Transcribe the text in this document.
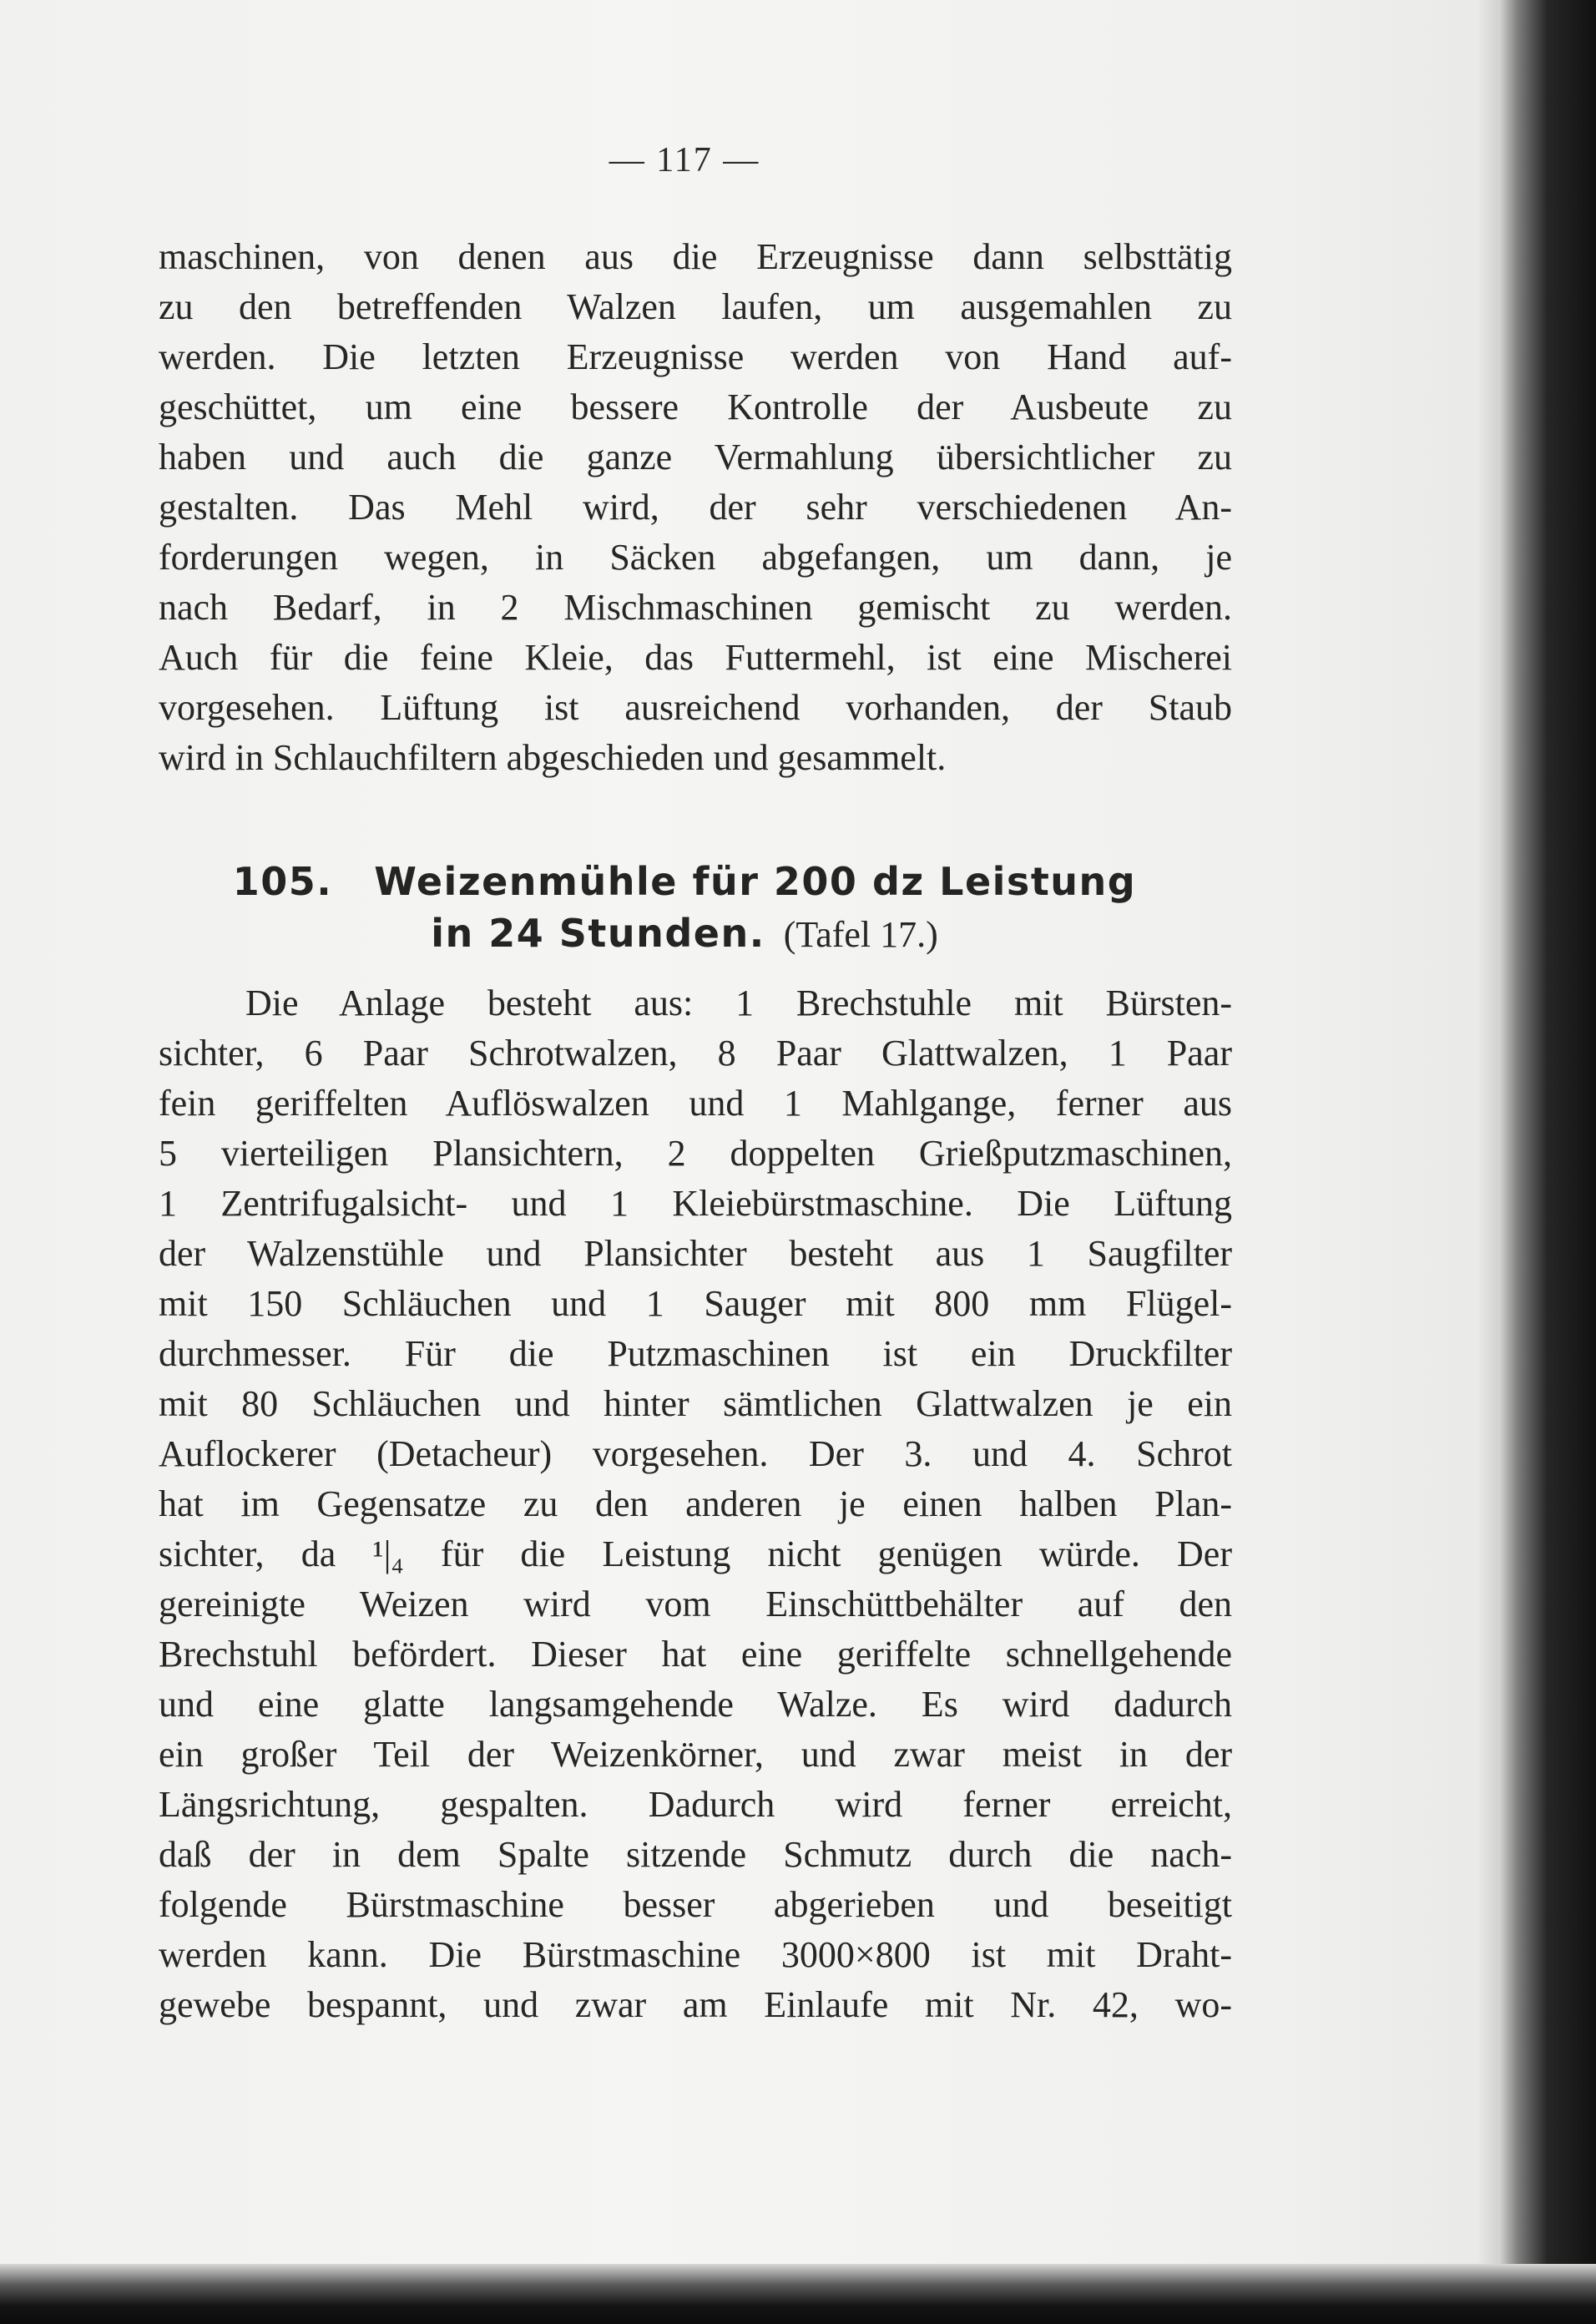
— 117 —
maschinen, von denen aus die Erzeugnisse dann selbsttätig
zu den betreffenden Walzen laufen, um ausgemahlen zu
werden. Die letzten Erzeugnisse werden von Hand auf-
geschüttet, um eine bessere Kontrolle der Ausbeute zu
haben und auch die ganze Vermahlung übersichtlicher zu
gestalten. Das Mehl wird, der sehr verschiedenen An-
forderungen wegen, in Säcken abgefangen, um dann, je
nach Bedarf, in 2 Mischmaschinen gemischt zu werden.
Auch für die feine Kleie, das Futtermehl, ist eine Mischerei
vorgesehen. Lüftung ist ausreichend vorhanden, der Staub
wird in Schlauchfiltern abgeschieden und gesammelt.
105. Weizenmühle für 200 dz Leistung
in 24 Stunden. (Tafel 17.)
Die Anlage besteht aus: 1 Brechstuhle mit Bürsten-
sichter, 6 Paar Schrotwalzen, 8 Paar Glattwalzen, 1 Paar
fein geriffelten Auflöswalzen und 1 Mahlgange, ferner aus
5 vierteiligen Plansichtern, 2 doppelten Grießputzmaschinen,
1 Zentrifugalsicht- und 1 Kleiebürstmaschine. Die Lüftung
der Walzenstühle und Plansichter besteht aus 1 Saugfilter
mit 150 Schläuchen und 1 Sauger mit 800 mm Flügel-
durchmesser. Für die Putzmaschinen ist ein Druckfilter
mit 80 Schläuchen und hinter sämtlichen Glattwalzen je ein
Auflockerer (Detacheur) vorgesehen. Der 3. und 4. Schrot
hat im Gegensatze zu den anderen je einen halben Plan-
sichter, da ¹|₄ für die Leistung nicht genügen würde. Der
gereinigte Weizen wird vom Einschüttbehälter auf den
Brechstuhl befördert. Dieser hat eine geriffelte schnellgehende
und eine glatte langsamgehende Walze. Es wird dadurch
ein großer Teil der Weizenkörner, und zwar meist in der
Längsrichtung, gespalten. Dadurch wird ferner erreicht,
daß der in dem Spalte sitzende Schmutz durch die nach-
folgende Bürstmaschine besser abgerieben und beseitigt
werden kann. Die Bürstmaschine 3000×800 ist mit Draht-
gewebe bespannt, und zwar am Einlaufe mit Nr. 42, wo-
